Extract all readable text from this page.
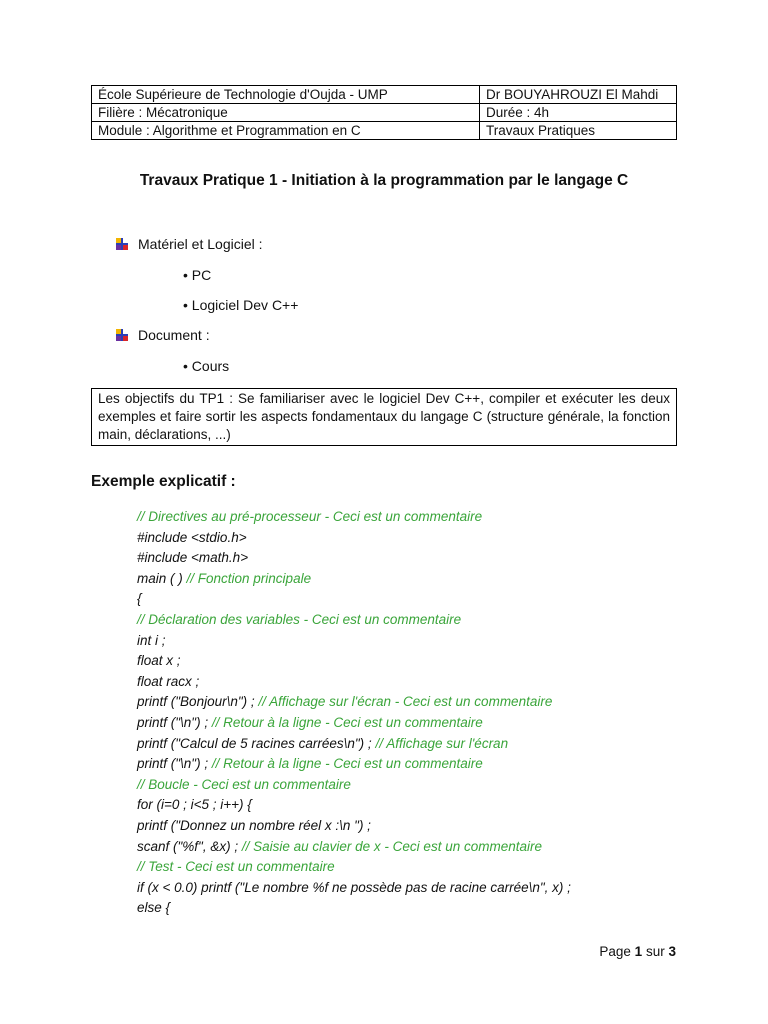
École Supérieure de Technologie d'Oujda - UMP	Dr BOUYAHROUZI El Mahdi
Filière : Mécatronique	Durée : 4h
Module : Algorithme et Programmation en C	Travaux Pratiques
Travaux Pratique 1 - Initiation à la programmation par le langage C
Matériel et Logiciel :
• PC
• Logiciel Dev C++
Document :
• Cours
Les objectifs du TP1 : Se familiariser avec le logiciel Dev C++, compiler et exécuter les deux exemples et faire sortir les aspects fondamentaux du langage C (structure générale, la fonction main, déclarations, ...)
Exemple explicatif :
// Directives au pré-processeur - Ceci est un commentaire
#include <stdio.h>
#include <math.h>
main ( ) // Fonction principale
{
// Déclaration des variables - Ceci est un commentaire
int i ;
float x ;
float racx ;
printf ("Bonjour\n") ; // Affichage sur l'écran - Ceci est un commentaire
printf ("\n") ; // Retour à la ligne - Ceci est un commentaire
printf ("Calcul de 5 racines carrées\n") ; // Affichage sur l'écran
printf ("\n") ; // Retour à la ligne - Ceci est un commentaire
// Boucle - Ceci est un commentaire
for (i=0 ; i<5 ; i++) {
printf ("Donnez un nombre réel x :\n ") ;
scanf ("%f", &x) ; // Saisie au clavier de x - Ceci est un commentaire
// Test - Ceci est un commentaire
if (x < 0.0) printf ("Le nombre %f ne possède pas de racine carrée\n", x) ;
else {
Page 1 sur 3
